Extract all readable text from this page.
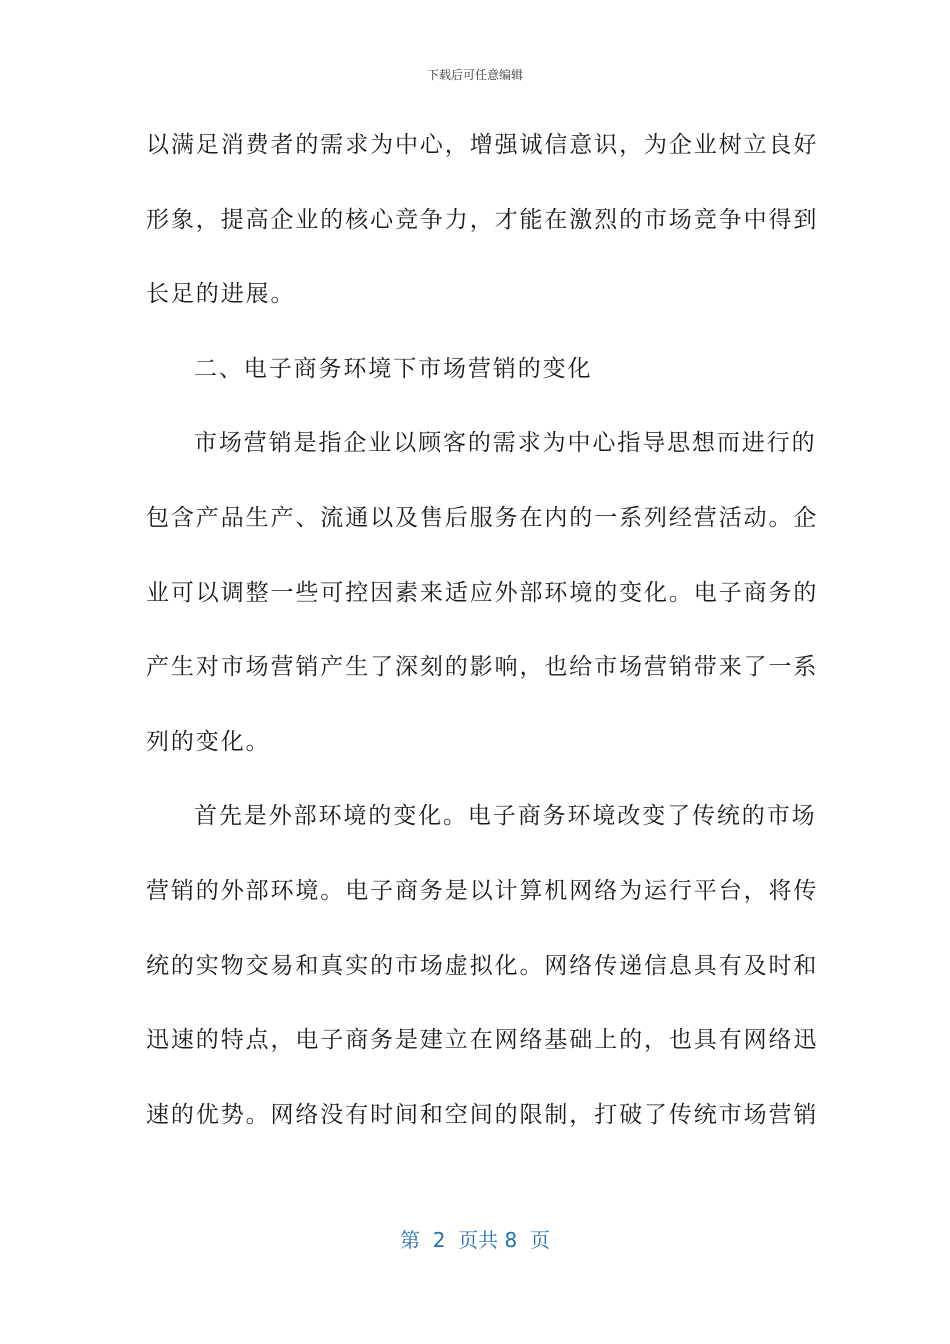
下载后可任意编辑
以满足消费者的需求为中心，增强诚信意识，为企业树立良好
形象，提高企业的核心竞争力，才能在激烈的市场竞争中得到
长足的进展。
二、电子商务环境下市场营销的变化
市场营销是指企业以顾客的需求为中心指导思想而进行的
包含产品生产、流通以及售后服务在内的一系列经营活动。企
业可以调整一些可控因素来适应外部环境的变化。电子商务的
产生对市场营销产生了深刻的影响，也给市场营销带来了一系
列的变化。
首先是外部环境的变化。电子商务环境改变了传统的市场
营销的外部环境。电子商务是以计算机网络为运行平台，将传
统的实物交易和真实的市场虚拟化。网络传递信息具有及时和
迅速的特点，电子商务是建立在网络基础上的，也具有网络迅
速的优势。网络没有时间和空间的限制，打破了传统市场营销
第  2  页共 8  页
